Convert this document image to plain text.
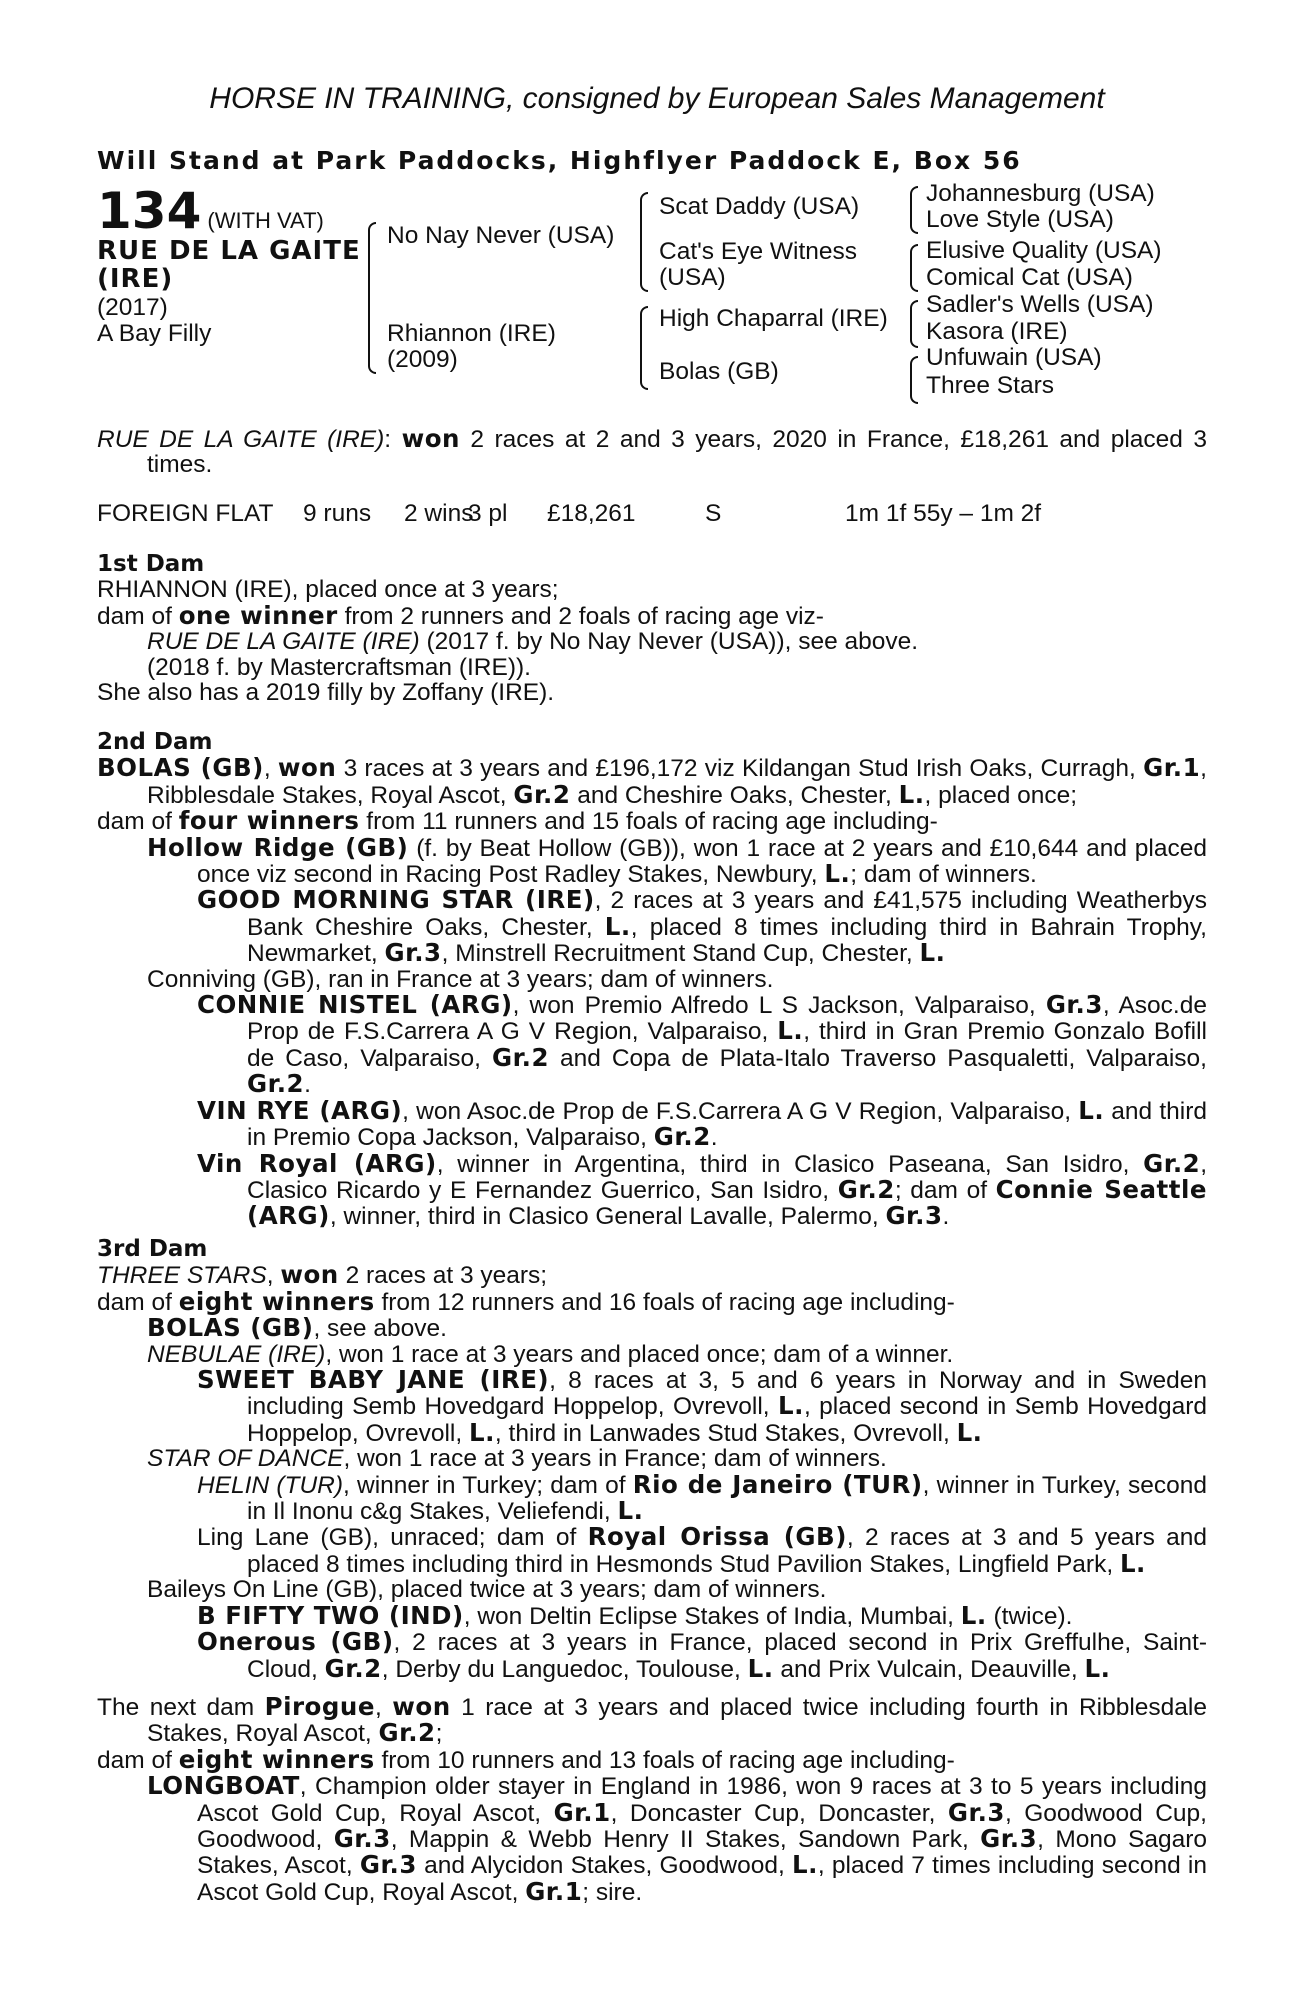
HORSE IN TRAINING, consigned by European Sales Management
Will Stand at Park Paddocks, Highflyer Paddock E, Box 56
134 (WITH VAT)
RUE DE LA GAITE
(IRE)
(2017)
A Bay Filly
No Nay Never (USA)
Rhiannon (IRE)
(2009)
Scat Daddy (USA)
Cat's Eye Witness
(USA)
High Chaparral (IRE)
Bolas (GB)
Johannesburg (USA)
Love Style (USA)
Elusive Quality (USA)
Comical Cat (USA)
Sadler's Wells (USA)
Kasora (IRE)
Unfuwain (USA)
Three Stars

RUE DE LA GAITE (IRE): won 2 races at 2 and 3 years, 2020 in France, £18,261 and placed 3 times.

FOREIGN FLAT 9 runs 2 wins
3 pl £18,261	S	1m 1f 55y – 1m 2f

1st Dam

RHIANNON (IRE), placed once at 3 years;

dam of one winner from 2 runners and 2 foals of racing age viz-

RUE DE LA GAITE (IRE) (2017 f. by No Nay Never (USA)), see above.

(2018 f. by Mastercraftsman (IRE)).

She also has a 2019 filly by Zoffany (IRE).

2nd Dam

BOLAS (GB), won 3 races at 3 years and £196,172 viz Kildangan Stud Irish Oaks, Curragh, Gr.1, Ribblesdale Stakes, Royal Ascot, Gr.2 and Cheshire Oaks, Chester, L., placed once;

dam of four winners from 11 runners and 15 foals of racing age including-

Hollow Ridge (GB) (f. by Beat Hollow (GB)), won 1 race at 2 years and £10,644 and placed once viz second in Racing Post Radley Stakes, Newbury, L.; dam of winners.

GOOD MORNING STAR (IRE), 2 races at 3 years and £41,575 including Weatherbys Bank Cheshire Oaks, Chester, L., placed 8 times including third in Bahrain Trophy, Newmarket, Gr.3, Minstrell Recruitment Stand Cup, Chester, L.

Conniving (GB), ran in France at 3 years; dam of winners.

CONNIE NISTEL (ARG), won Premio Alfredo L S Jackson, Valparaiso, Gr.3, Asoc.de Prop de F.S.Carrera A G V Region, Valparaiso, L., third in Gran Premio Gonzalo Bofill de Caso, Valparaiso, Gr.2 and Copa de Plata-Italo Traverso Pasqualetti, Valparaiso, Gr.2.

VIN RYE (ARG), won Asoc.de Prop de F.S.Carrera A G V Region, Valparaiso, L. and third in Premio Copa Jackson, Valparaiso, Gr.2.

Vin Royal (ARG), winner in Argentina, third in Clasico Paseana, San Isidro, Gr.2, Clasico Ricardo y E Fernandez Guerrico, San Isidro, Gr.2; dam of Connie Seattle (ARG), winner, third in Clasico General Lavalle, Palermo, Gr.3.

3rd Dam

THREE STARS, won 2 races at 3 years;

dam of eight winners from 12 runners and 16 foals of racing age including-

BOLAS (GB), see above.

NEBULAE (IRE), won 1 race at 3 years and placed once; dam of a winner.

SWEET BABY JANE (IRE), 8 races at 3, 5 and 6 years in Norway and in Sweden including Semb Hovedgard Hoppelop, Ovrevoll, L., placed second in Semb Hovedgard Hoppelop, Ovrevoll, L., third in Lanwades Stud Stakes, Ovrevoll, L.

STAR OF DANCE, won 1 race at 3 years in France; dam of winners.

HELIN (TUR), winner in Turkey; dam of Rio de Janeiro (TUR), winner in Turkey, second in Il Inonu c&g Stakes, Veliefendi, L.

Ling Lane (GB), unraced; dam of Royal Orissa (GB), 2 races at 3 and 5 years and placed 8 times including third in Hesmonds Stud Pavilion Stakes, Lingfield Park, L.

Baileys On Line (GB), placed twice at 3 years; dam of winners.

B FIFTY TWO (IND), won Deltin Eclipse Stakes of India, Mumbai, L. (twice).

Onerous (GB), 2 races at 3 years in France, placed second in Prix Greffulhe, Saint-Cloud, Gr.2, Derby du Languedoc, Toulouse, L. and Prix Vulcain, Deauville, L.

The next dam Pirogue, won 1 race at 3 years and placed twice including fourth in Ribblesdale Stakes, Royal Ascot, Gr.2;

dam of eight winners from 10 runners and 13 foals of racing age including-

LONGBOAT, Champion older stayer in England in 1986, won 9 races at 3 to 5 years including Ascot Gold Cup, Royal Ascot, Gr.1, Doncaster Cup, Doncaster, Gr.3, Goodwood Cup, Goodwood, Gr.3, Mappin & Webb Henry II Stakes, Sandown Park, Gr.3, Mono Sagaro Stakes, Ascot, Gr.3 and Alycidon Stakes, Goodwood, L., placed 7 times including second in Ascot Gold Cup, Royal Ascot, Gr.1; sire.
